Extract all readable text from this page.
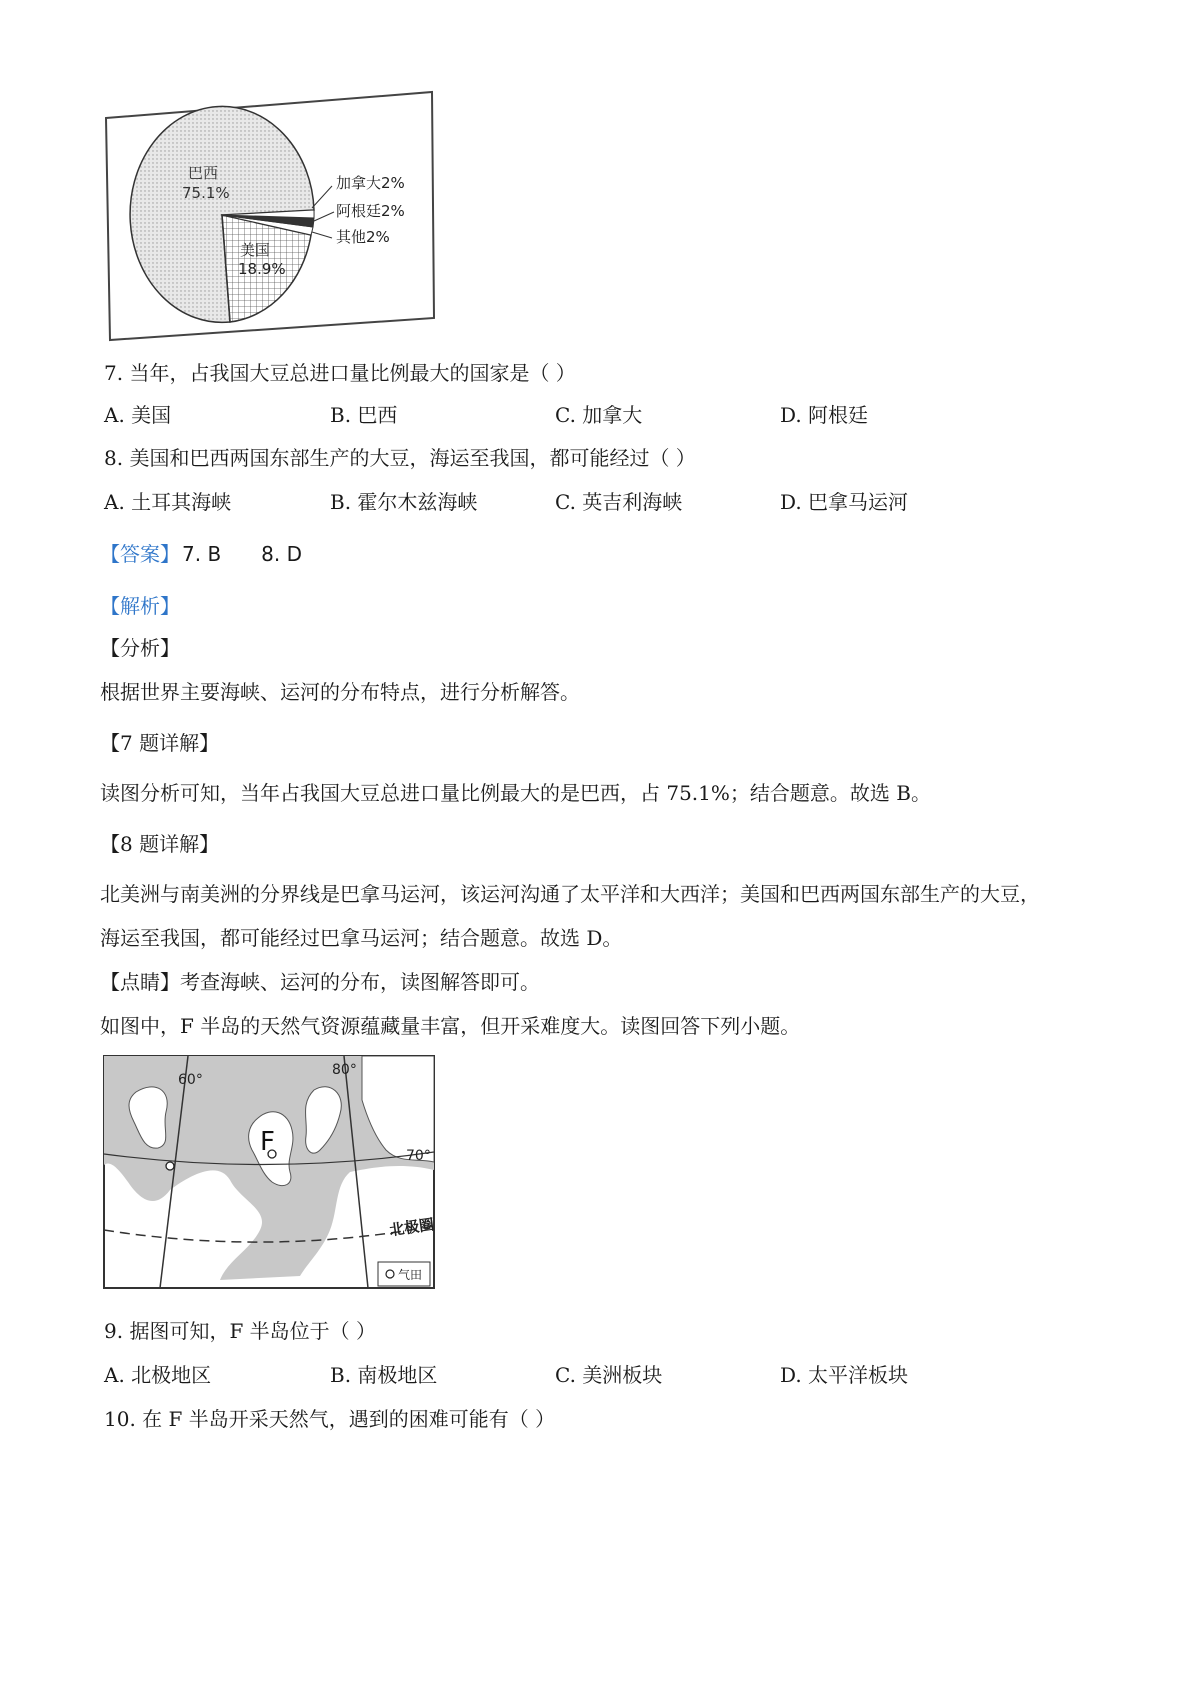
巴西
75.1%
美国
18.9%
加拿大2%
阿根廷2%
其他2%
7. 当年，占我国大豆总进口量比例最大的国家是（ ）
A. 美国	B. 巴西	C. 加拿大	D. 阿根廷
8. 美国和巴西两国东部生产的大豆，海运至我国，都可能经过（ ）
A. 土耳其海峡	B. 霍尔木兹海峡	C. 英吉利海峡	D. 巴拿马运河
【答案】 7. B 8. D
【解析】
【分析】
根据世界主要海峡、运河的分布特点，进行分析解答。
【7 题详解】
读图分析可知，当年占我国大豆总进口量比例最大的是巴西，占 75.1%；结合题意。故选 B。
【8 题详解】
北美洲与南美洲的分界线是巴拿马运河，该运河沟通了太平洋和大西洋；美国和巴西两国东部生产的大豆，
海运至我国，都可能经过巴拿马运河；结合题意。故选 D。
【点睛】考查海峡、运河的分布，读图解答即可。
如图中，F 半岛的天然气资源蕴藏量丰富，但开采难度大。读图回答下列小题。
60°
80°
70°
F
北极圈
气田
9. 据图可知，F 半岛位于（ ）
A. 北极地区	B. 南极地区	C. 美洲板块	D. 太平洋板块
10. 在 F 半岛开采天然气，遇到的困难可能有（ ）
